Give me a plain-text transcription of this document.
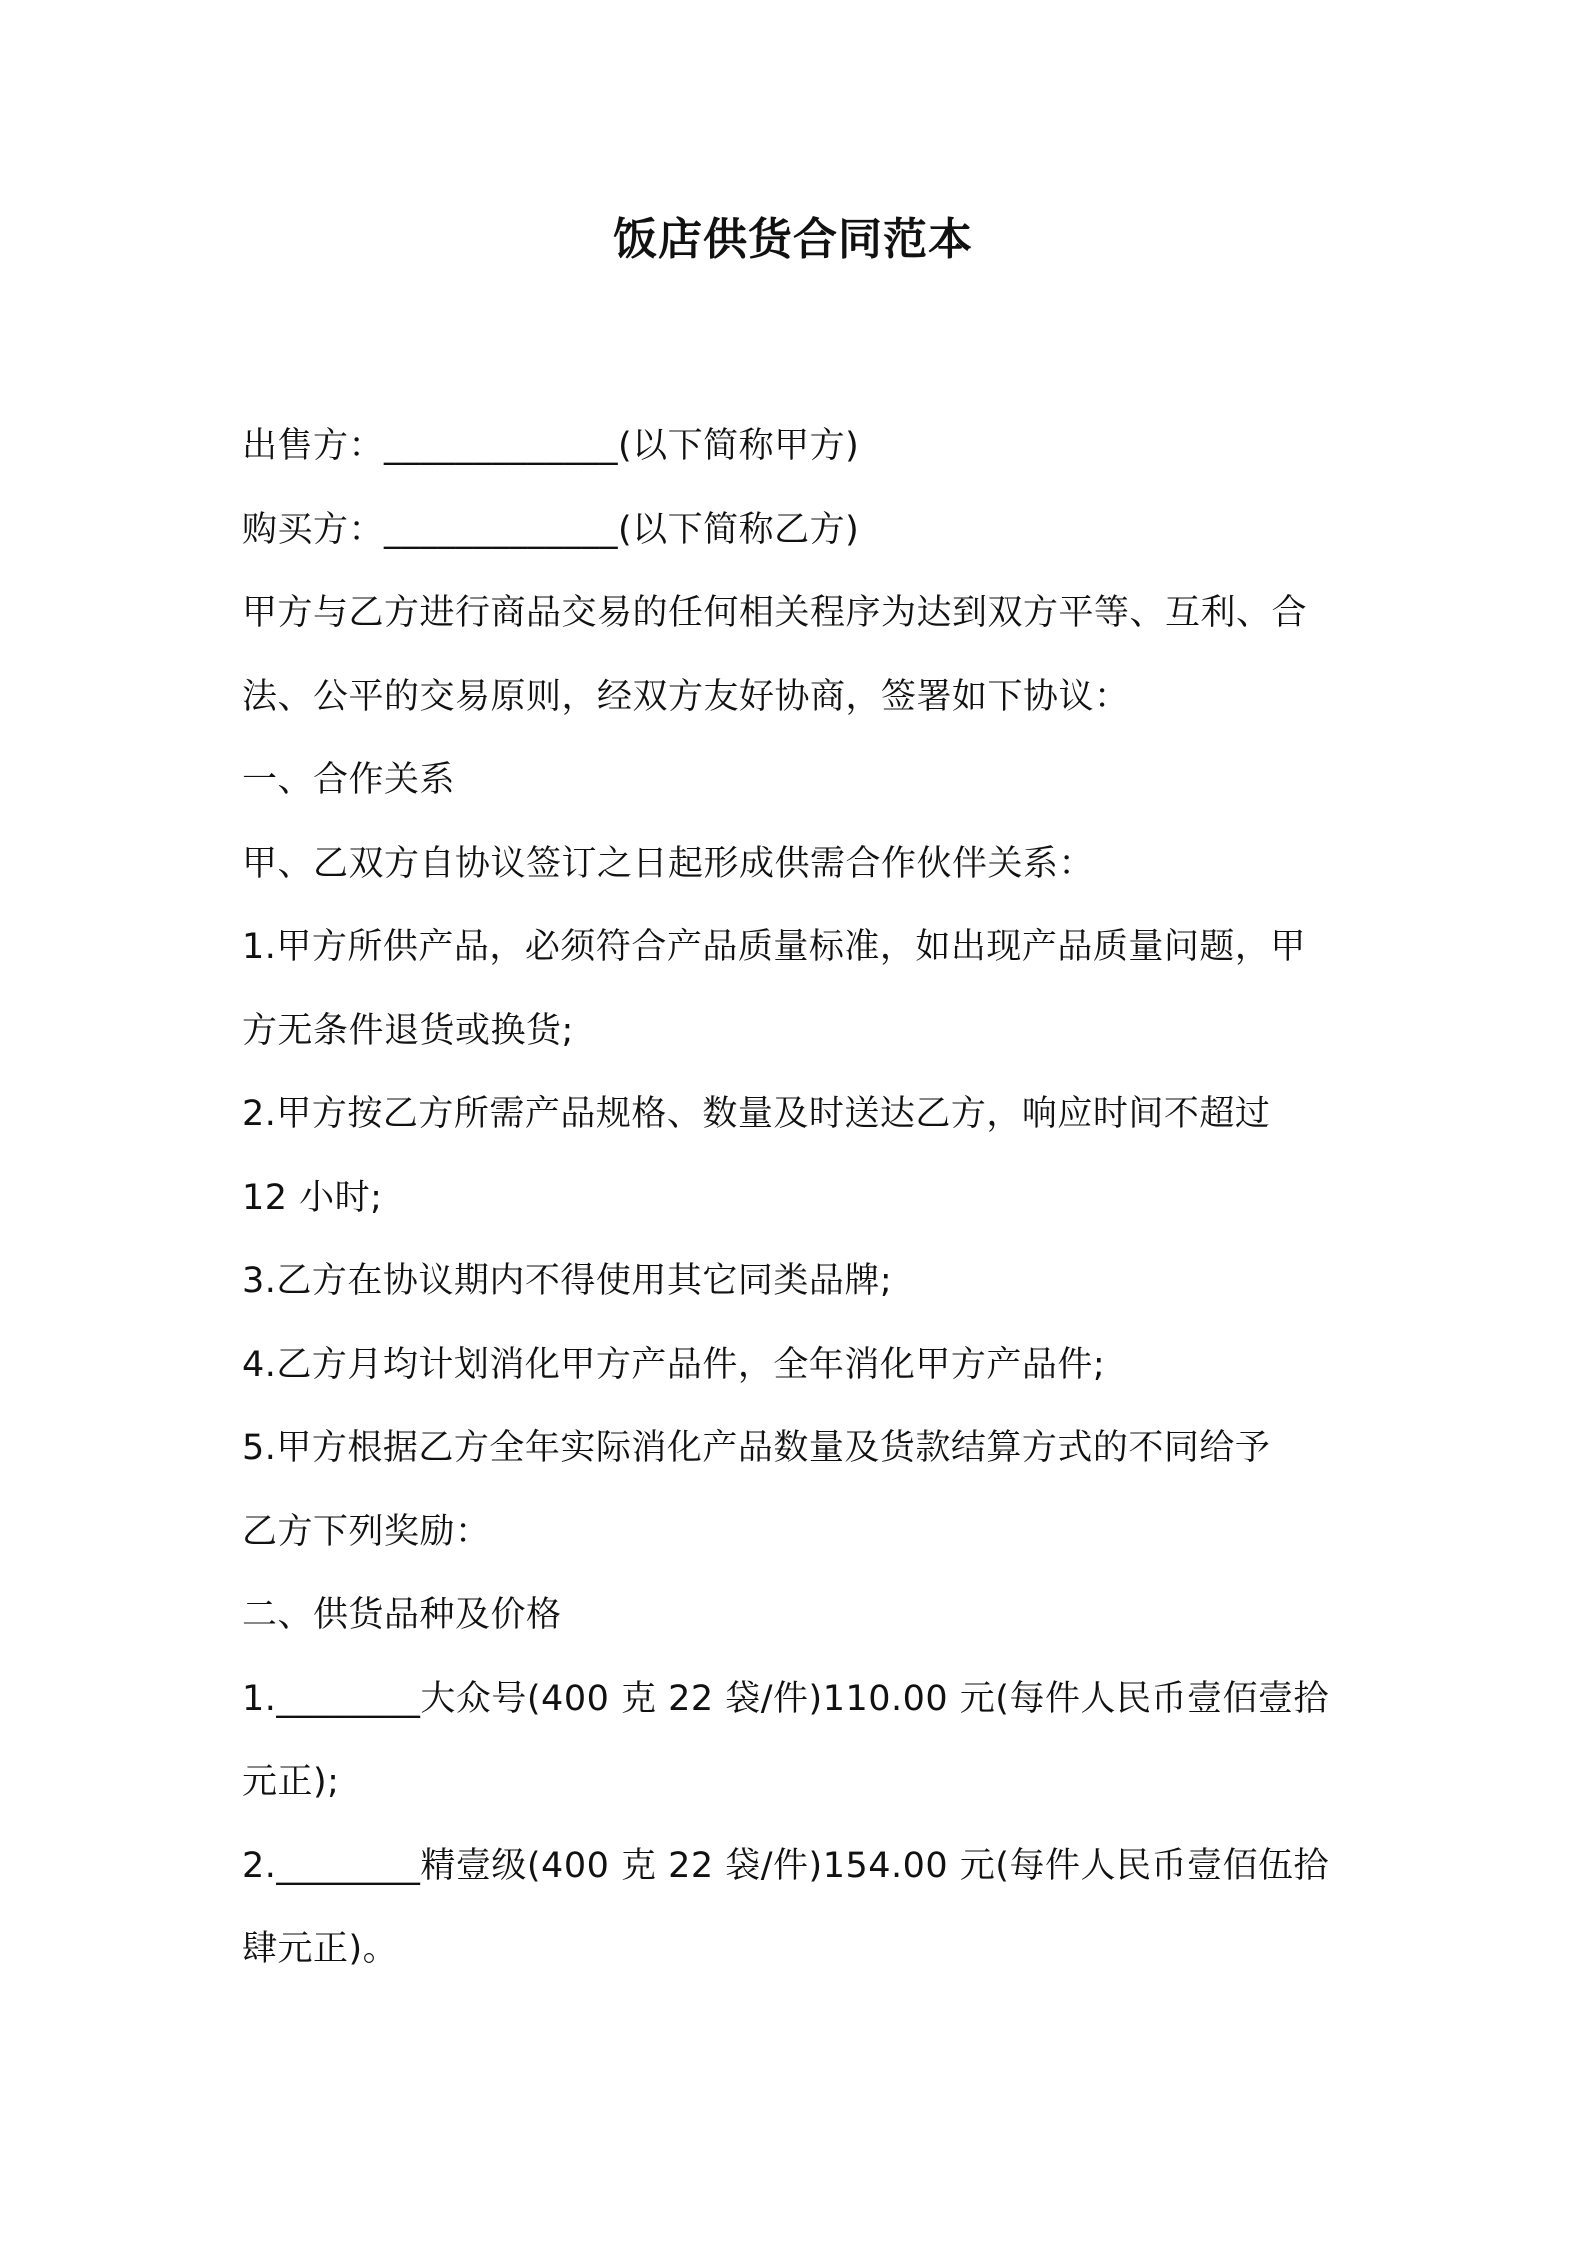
饭店供货合同范本
出售方：_____________(以下简称甲方)
购买方：_____________(以下简称乙方)
甲方与乙方进行商品交易的任何相关程序为达到双方平等、互利、合
法、公平的交易原则，经双方友好协商，签署如下协议：
一、合作关系
甲、乙双方自协议签订之日起形成供需合作伙伴关系：
1.甲方所供产品，必须符合产品质量标准，如出现产品质量问题，甲
方无条件退货或换货;
2.甲方按乙方所需产品规格、数量及时送达乙方，响应时间不超过
12 小时;
3.乙方在协议期内不得使用其它同类品牌;
4.乙方月均计划消化甲方产品件，全年消化甲方产品件;
5.甲方根据乙方全年实际消化产品数量及货款结算方式的不同给予
乙方下列奖励：
二、供货品种及价格
1.________大众号(400 克 22 袋/件)110.00 元(每件人民币壹佰壹拾
元正);
2.________精壹级(400 克 22 袋/件)154.00 元(每件人民币壹佰伍拾
肆元正)。
